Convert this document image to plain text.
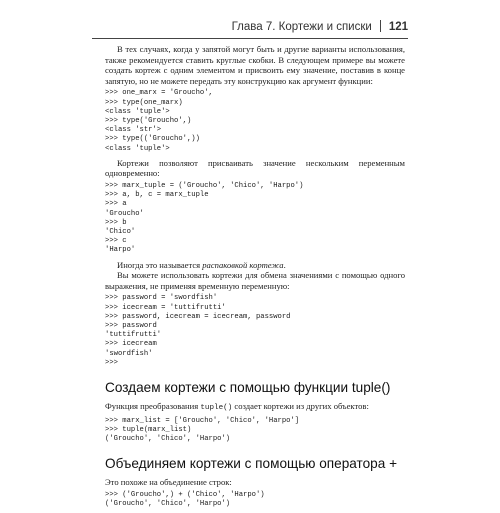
Глава 7. Кортежи и списки 121

В тех случаях, когда у запятой могут быть и другие варианты использования, также рекомендуется ставить круглые скобки. В следующем примере вы можете создать кортеж с одним элементом и присвоить ему значение, поставив в конце запятую, но не можете передать эту конструкцию как аргумент функции:

>>> one_marx = 'Groucho',
>>> type(one_marx)
<class 'tuple'>
>>> type('Groucho',)
<class 'str'>
>>> type(('Groucho',))
<class 'tuple'>

Кортежи позволяют присваивать значение нескольким переменным одновременно:

>>> marx_tuple = ('Groucho', 'Chico', 'Harpo')
>>> a, b, c = marx_tuple
>>> a
'Groucho'
>>> b
'Chico'
>>> c
'Harpo'

Иногда это называется распаковкой кортежа.

Вы можете использовать кортежи для обмена значениями с помощью одного выражения, не применяя временную переменную:

>>> password = 'swordfish'
>>> icecream = 'tuttifrutti'
>>> password, icecream = icecream, password
>>> password
'tuttifrutti'
>>> icecream
'swordfish'
>>>
Создаем кортежи с помощью функции tuple()

Функция преобразования tuple() создает кортежи из других объектов:

>>> marx_list = ['Groucho', 'Chico', 'Harpo']
>>> tuple(marx_list)
('Groucho', 'Chico', 'Harpo')
Объединяем кортежи с помощью оператора +

Это похоже на объединение строк:

>>> ('Groucho',) + ('Chico', 'Harpo')
('Groucho', 'Chico', 'Harpo')
